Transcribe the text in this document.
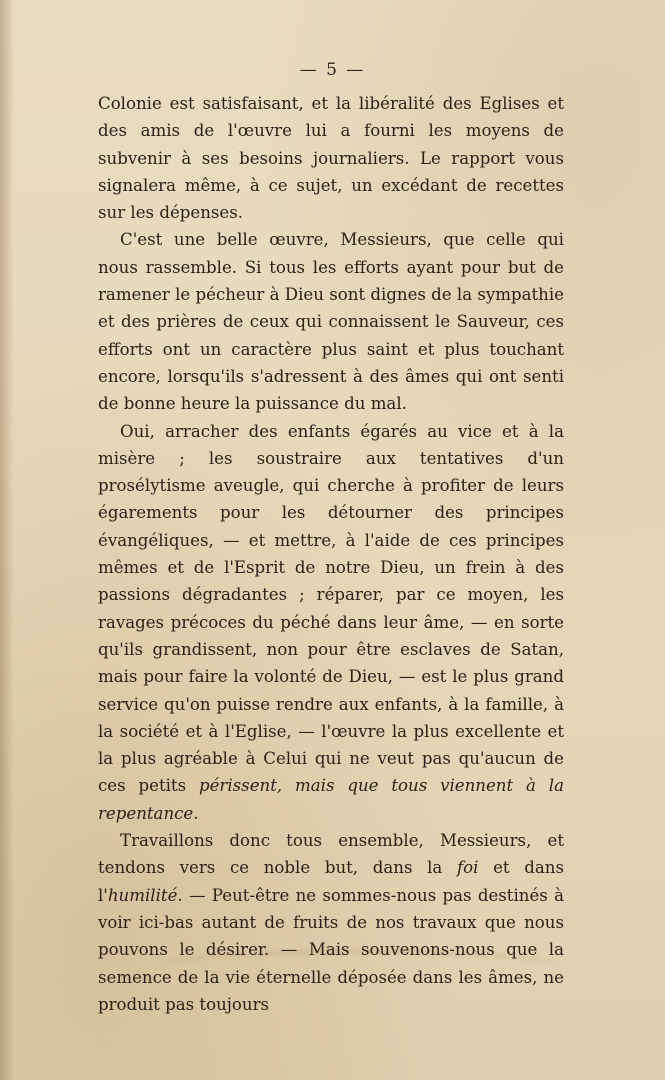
— 5 —

Colonie est satisfaisant, et la libéralité des Eglises et des amis de l'œuvre lui a fourni les moyens de subvenir à ses besoins journaliers. Le rapport vous signalera même, à ce sujet, un excédant de recettes sur les dépenses.

C'est une belle œuvre, Messieurs, que celle qui nous rassemble. Si tous les efforts ayant pour but de ramener le pécheur à Dieu sont dignes de la sympathie et des prières de ceux qui connaissent le Sauveur, ces efforts ont un caractère plus saint et plus touchant encore, lorsqu'ils s'adressent à des âmes qui ont senti de bonne heure la puissance du mal.

Oui, arracher des enfants égarés au vice et à la misère ; les soustraire aux tentatives d'un prosélytisme aveugle, qui cherche à profiter de leurs égarements pour les détourner des principes évangéliques, — et mettre, à l'aide de ces principes mêmes et de l'Esprit de notre Dieu, un frein à des passions dégradantes ; réparer, par ce moyen, les ravages précoces du péché dans leur âme, — en sorte qu'ils grandissent, non pour être esclaves de Satan, mais pour faire la volonté de Dieu, — est le plus grand service qu'on puisse rendre aux enfants, à la famille, à la société et à l'Eglise, — l'œuvre la plus excellente et la plus agréable à Celui qui ne veut pas qu'aucun de ces petits périssent, mais que tous viennent à la repentance.

Travaillons donc tous ensemble, Messieurs, et tendons vers ce noble but, dans la foi et dans l'humilité. — Peut-être ne sommes-nous pas destinés à voir ici-bas autant de fruits de nos travaux que nous pouvons le désirer. — Mais souvenons-nous que la semence de la vie éternelle déposée dans les âmes, ne produit pas toujours
